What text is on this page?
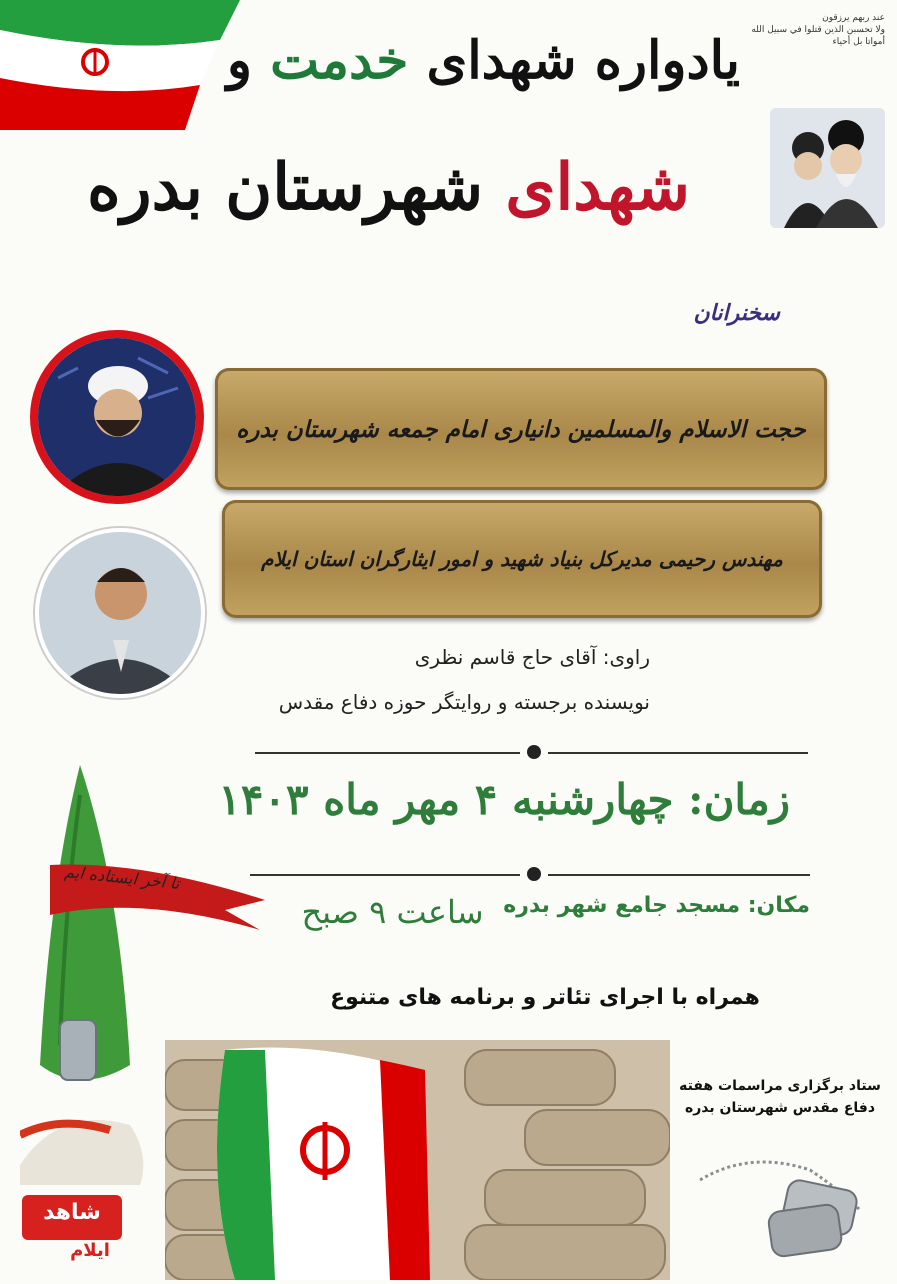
عند ربهم يرزقون
ولا تحسبن الذين قتلوا في سبيل الله أمواتا بل أحياء
یادواره شهدای خدمت و
شهدای شهرستان بدره
سخنرانان
حجت الاسلام والمسلمین دانیاری امام جمعه شهرستان بدره
مهندس رحیمی مدیرکل بنیاد شهید و امور ایثارگران استان ایلام
راوی: آقای حاج قاسم نظری
نویسنده برجسته و روایتگر حوزه دفاع مقدس
زمان: چهارشنبه ۴ مهر ماه ۱۴۰۳
مکان: مسجد جامع شهر بدره
ساعت ۹ صبح
همراه با اجرای تئاتر و برنامه های متنوع
تا آخر ایستاده ایم
ستاد برگزاری مراسمات هفته
دفاع مقدس شهرستان بدره
شاهد
ایلام
